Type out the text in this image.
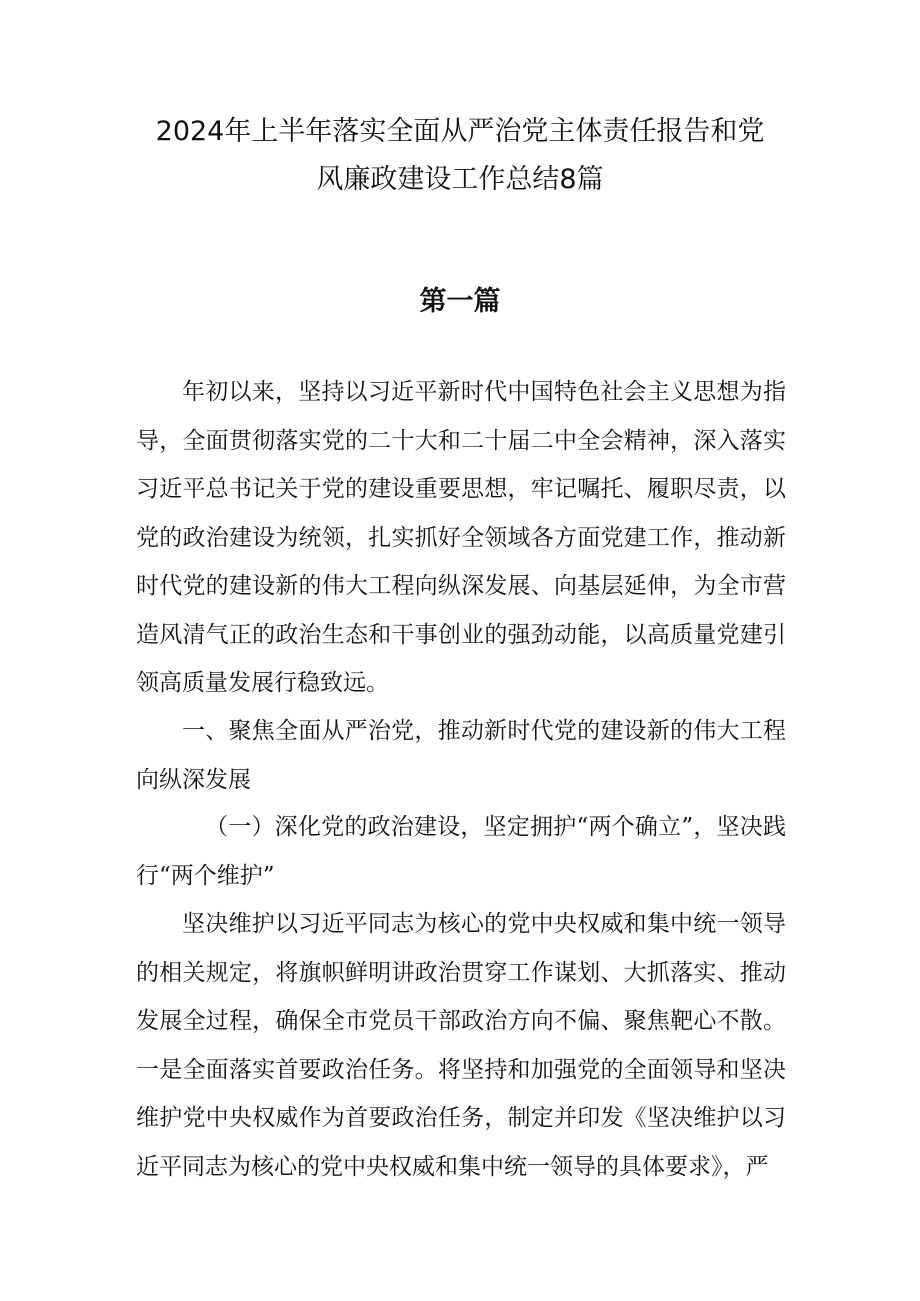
2024年上半年落实全面从严治党主体责任报告和党
风廉政建设工作总结8篇
第一篇

年初以来，坚持以习近平新时代中国特色社会主义思想为指导，全面贯彻落实党的二十大和二十届二中全会精神，深入落实习近平总书记关于党的建设重要思想，牢记嘱托、履职尽责，以党的政治建设为统领，扎实抓好全领域各方面党建工作，推动新时代党的建设新的伟大工程向纵深发展、向基层延伸，为全市营造风清气正的政治生态和干事创业的强劲动能，以高质量党建引领高质量发展行稳致远。

一、聚焦全面从严治党，推动新时代党的建设新的伟大工程向纵深发展

（一）深化党的政治建设，坚定拥护“两个确立”，坚决践行“两个维护”

坚决维护以习近平同志为核心的党中央权威和集中统一领导的相关规定，将旗帜鲜明讲政治贯穿工作谋划、大抓落实、推动发展全过程，确保全市党员干部政治方向不偏、聚焦靶心不散。一是全面落实首要政治任务。将坚持和加强党的全面领导和坚决维护党中央权威作为首要政治任务，制定并印发《坚决维护以习近平同志为核心的党中央权威和集中统一领导的具体要求》，严
